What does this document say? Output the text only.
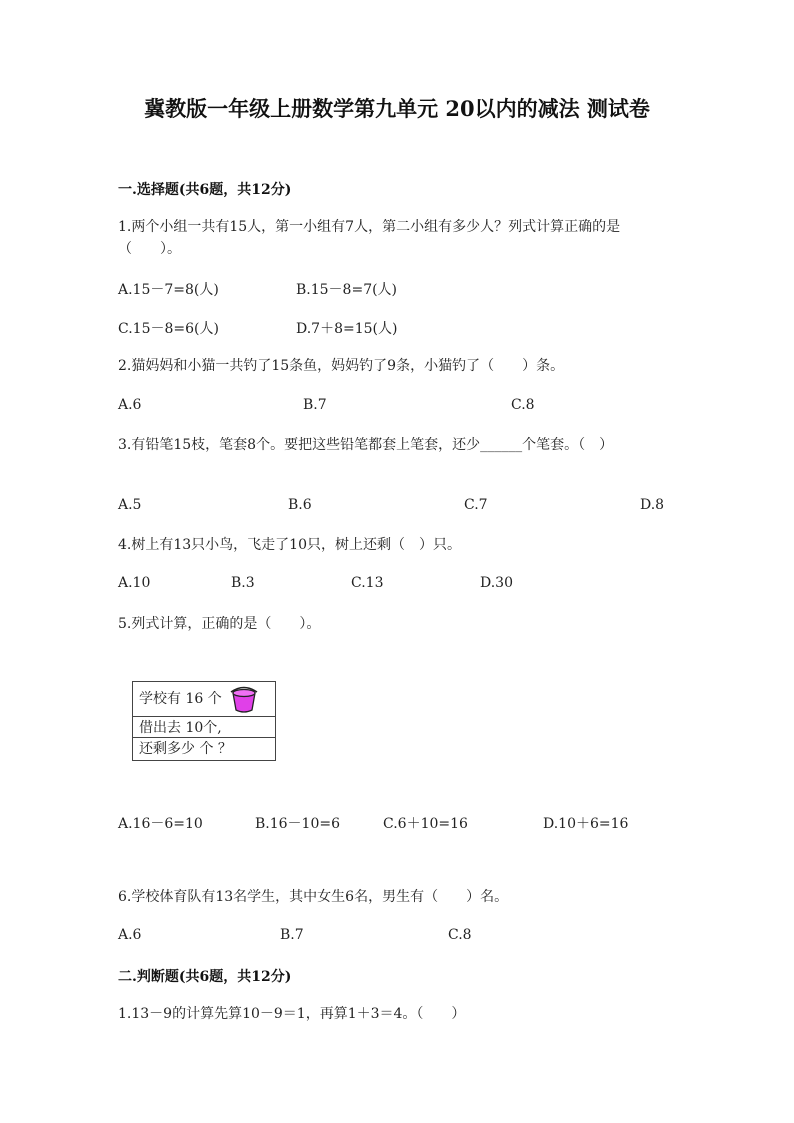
冀教版一年级上册数学第九单元 20以内的减法 测试卷
一.选择题(共6题，共12分)
1.两个小组一共有15人，第一小组有7人，第二小组有多少人？列式计算正确的是（　　）。
A.15－7=8(人)	B.15－8=7(人)
C.15－8=6(人)	D.7＋8=15(人)
2.猫妈妈和小猫一共钓了15条鱼，妈妈钓了9条，小猫钓了（　　）条。
A.6	B.7	C.8
3.有铅笔15枝，笔套8个。要把这些铅笔都套上笔套，还少______个笔套。（　）
A.5	B.6	C.7	D.8
4.树上有13只小鸟，飞走了10只，树上还剩（　）只。
A.10	B.3	C.13	D.30
5.列式计算，正确的是（　　）。
学校有 16 个
借出去 10个,
还剩多少 个 ？
A.16－6=10	B.16－10=6	C.6＋10=16	D.10＋6=16
6.学校体育队有13名学生，其中女生6名，男生有（　　）名。
A.6	B.7	C.8
二.判断题(共6题，共12分)
1.13－9的计算先算10－9＝1，再算1＋3＝4。（　　）
